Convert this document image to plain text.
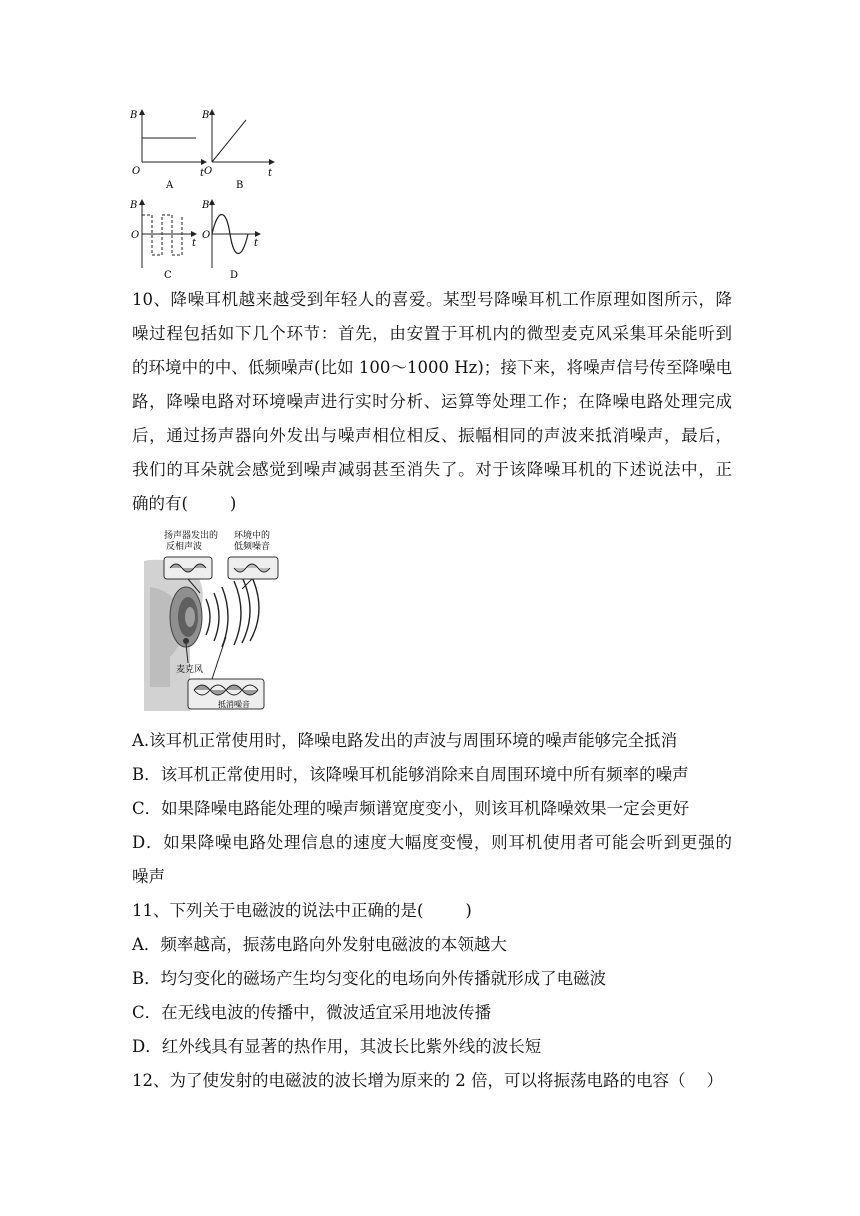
B
O	t
A
B
O	t
B
B
O
t
C
B
O
t
D
10、降噪耳机越来越受到年轻人的喜爱。某型号降噪耳机工作原理如图所示，降
噪过程包括如下几个环节：首先，由安置于耳机内的微型麦克风采集耳朵能听到
的环境中的中、低频噪声(比如 100～1000 Hz)；接下来，将噪声信号传至降噪电
路，降噪电路对环境噪声进行实时分析、运算等处理工作；在降噪电路处理完成
后，通过扬声器向外发出与噪声相位相反、振幅相同的声波来抵消噪声，最后，
我们的耳朵就会感觉到噪声减弱甚至消失了。对于该降噪耳机的下述说法中，正
确的有(        )
扬声器发出的
反相声波
环境中的
低频噪音
麦克风
抵消噪音
A.该耳机正常使用时，降噪电路发出的声波与周围环境的噪声能够完全抵消
B．该耳机正常使用时，该降噪耳机能够消除来自周围环境中所有频率的噪声
C．如果降噪电路能处理的噪声频谱宽度变小，则该耳机降噪效果一定会更好
D．如果降噪电路处理信息的速度大幅度变慢，则耳机使用者可能会听到更强的
噪声
11、下列关于电磁波的说法中正确的是(        )
A．频率越高，振荡电路向外发射电磁波的本领越大
B．均匀变化的磁场产生均匀变化的电场向外传播就形成了电磁波
C．在无线电波的传播中，微波适宜采用地波传播
D．红外线具有显著的热作用，其波长比紫外线的波长短
12、为了使发射的电磁波的波长增为原来的 2 倍，可以将振荡电路的电容（    ）
